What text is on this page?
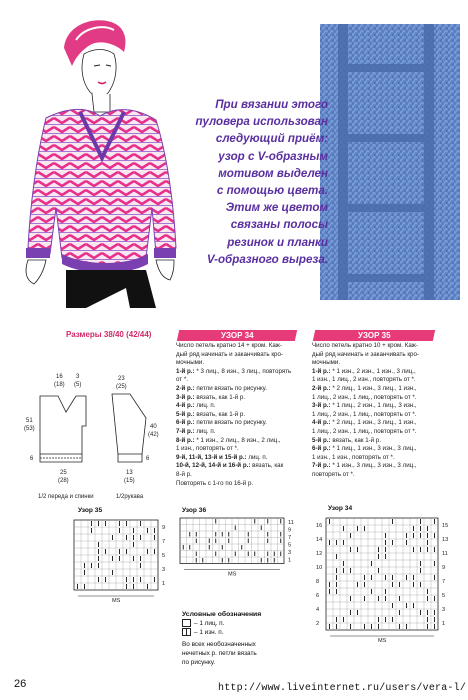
При вязании этого
пуловера использован
следующий приём:
узор с V-образным
мотивом выделен
с помощью цвета.
Этим же цветом
связаны полосы
резинок и планки
V-образного выреза.
Размеры 38/40 (42/44)
16
(18)
3
(5)
23
(25)
51
(53)	40
(42)
6	6
25
(28)
13
(15)
1/2 переда и спинки	1/2рукава
УЗОР 34
Число петель кратно 14 + кром. Каж-
дый ряд начинать и заканчивать кро-
мочными.
1-й р.: * 3 лиц., 8 изн., 3 лиц., повторять
от *.
2-й р.: петли вязать по рисунку.
3-й р.: вязать, как 1-й р.
4-й р.: лиц. п.
5-й р.: вязать, как 1-й р.
6-й р.: петли вязать по рисунку.
7-й р.: лиц. п.
8-й р.: * 1 изн., 2 лиц., 8 изн., 2 лиц.,
1 изн., повторять от *.
9-й, 11-й, 13-й и 15-й р.: лиц. п.
10-й, 12-й, 14-й и 16-й р.: вязать, как
8-й р.
Повторять с 1-го по 16-й р.
УЗОР 35
Число петель кратно 10 + кром. Каж-
дый ряд начинать и заканчивать кро-
мочными.
1-й р.: * 1 изн., 2 изн., 1 изн., 3 лиц.,
1 изн., 1 лиц., 2 изн., повторять от *.
2-й р.: * 2 лиц., 1 изн., 3 лиц., 1 изн.,
1 лиц., 2 изн., 1 лиц., повторять от *.
3-й р.: * 1 лиц., 2 изн., 1 лиц., 3 изн.,
1 лиц., 2 изн., 1 лиц., повторять от *.
4-й р.: * 2 лиц., 1 изн., 3 лиц., 1 изн.,
1 лиц., 2 изн., 1 лиц., повторять от *.
5-й р.: вязать, как 1-й р.
6-й р.: * 1 лиц., 1 изн., 3 изн., 3 лиц.,
1 изн., 1 изн., повторять от *.
7-й р.: * 1 изн., 3 лиц., 3 изн., 3 лиц.,
повторять от *.
Узор 35
9
7
5
3
1
MS
Узор 36
11
9
7
5
3
1
MS
Узор 34
15
13
11
9
7
5
3
1
16
14
12
10
8
6
4
2
MS
Условные обозначения
– 1 лиц. п.
– 1 изн. п.
Во всех необозначенных
нечетных р. петли вязать
по рисунку.
26	http://www.liveinternet.ru/users/vera-l/
